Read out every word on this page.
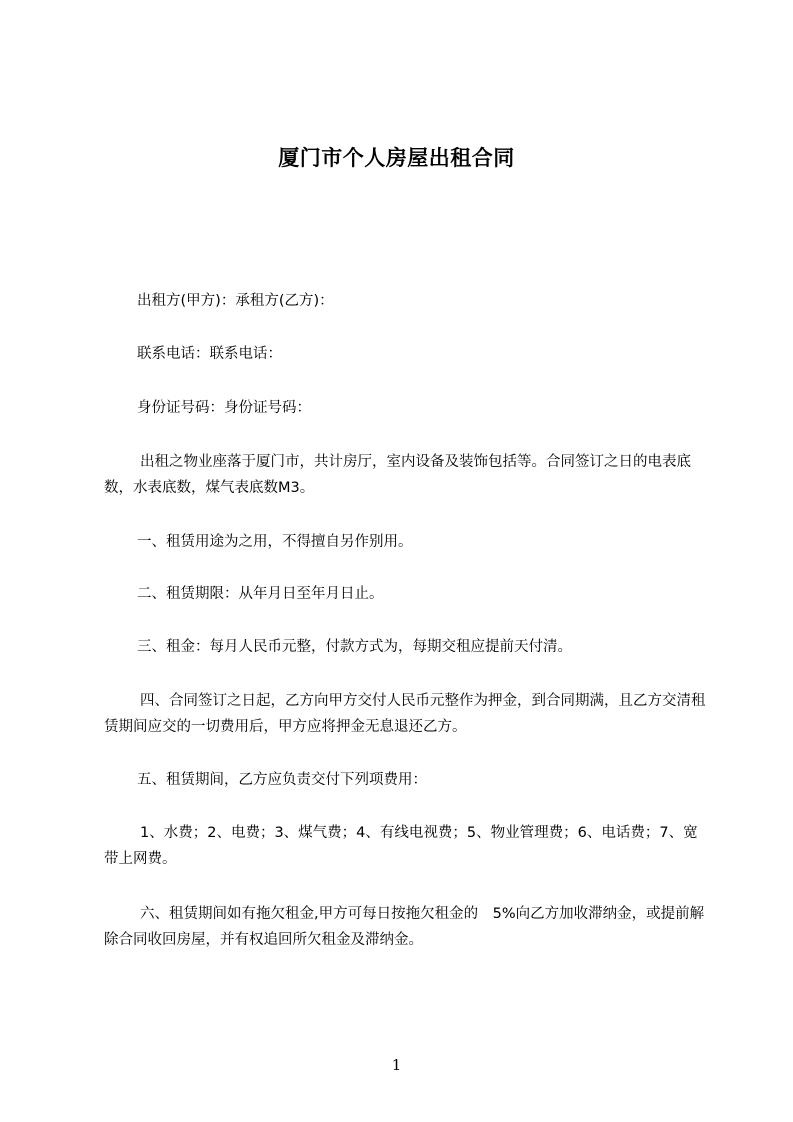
厦门市个人房屋出租合同

出租方(甲方)：承租方(乙方)：

联系电话：联系电话：

身份证号码：身份证号码：

出租之物业座落于厦门市，共计房厅，室内设备及装饰包括等。合同签订之日的电表底数，水表底数，煤气表底数M3。

一、租赁用途为之用，不得擅自另作别用。

二、租赁期限：从年月日至年月日止。

三、租金：每月人民币元整，付款方式为，每期交租应提前天付清。

四、合同签订之日起，乙方向甲方交付人民币元整作为押金，到合同期满，且乙方交清租赁期间应交的一切费用后，甲方应将押金无息退还乙方。

五、租赁期间，乙方应负责交付下列项费用：

1、水费；2、电费；3、煤气费；4、有线电视费；5、物业管理费；6、电话费；7、宽带上网费。

六、租赁期间如有拖欠租金,甲方可每日按拖欠租金的　5%向乙方加收滞纳金，或提前解除合同收回房屋，并有权追回所欠租金及滞纳金。

1
